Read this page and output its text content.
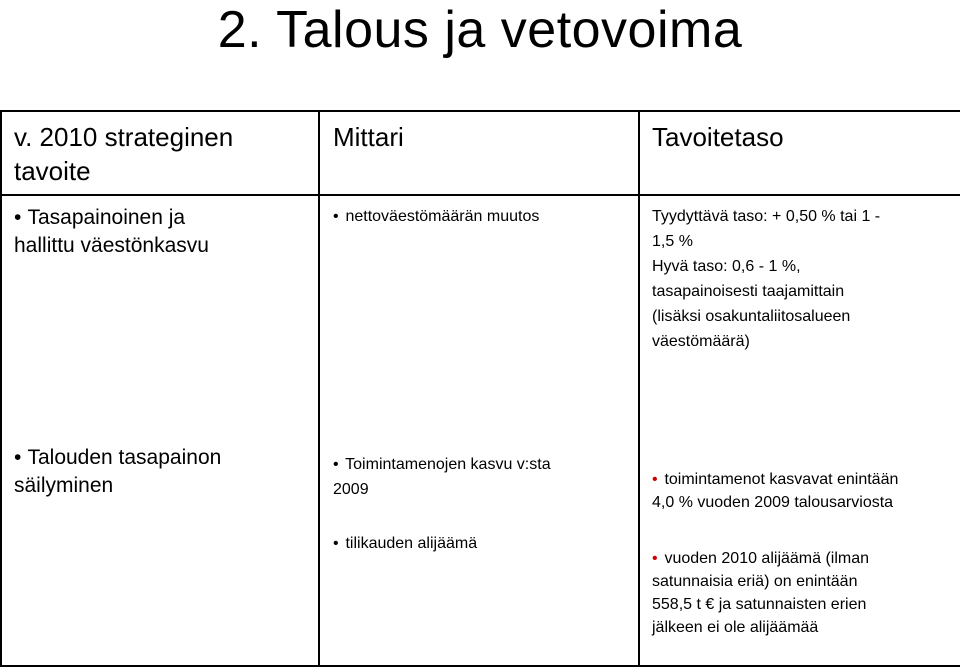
2. Talous ja vetovoima
v. 2010 strateginen
tavoite
Mittari	Tavoitetaso
• Tasapainoinen ja
hallittu väestönkasvu
• nettoväestömäärän muutos	Tyydyttävä taso: + 0,50 % tai 1 -
1,5 %
Hyvä taso: 0,6 - 1 %,
tasapainoisesti taajamittain
(lisäksi osakuntaliitosalueen
väestömäärä)
• Talouden tasapainon
säilyminen
• Toimintamenojen kasvu v:sta
2009
• tilikauden alijäämä
• toimintamenot kasvavat enintään
4,0 % vuoden 2009 talousarviosta
• vuoden 2010 alijäämä (ilman
satunnaisia eriä) on enintään
558,5 t € ja satunnaisten erien
jälkeen ei ole alijäämää
